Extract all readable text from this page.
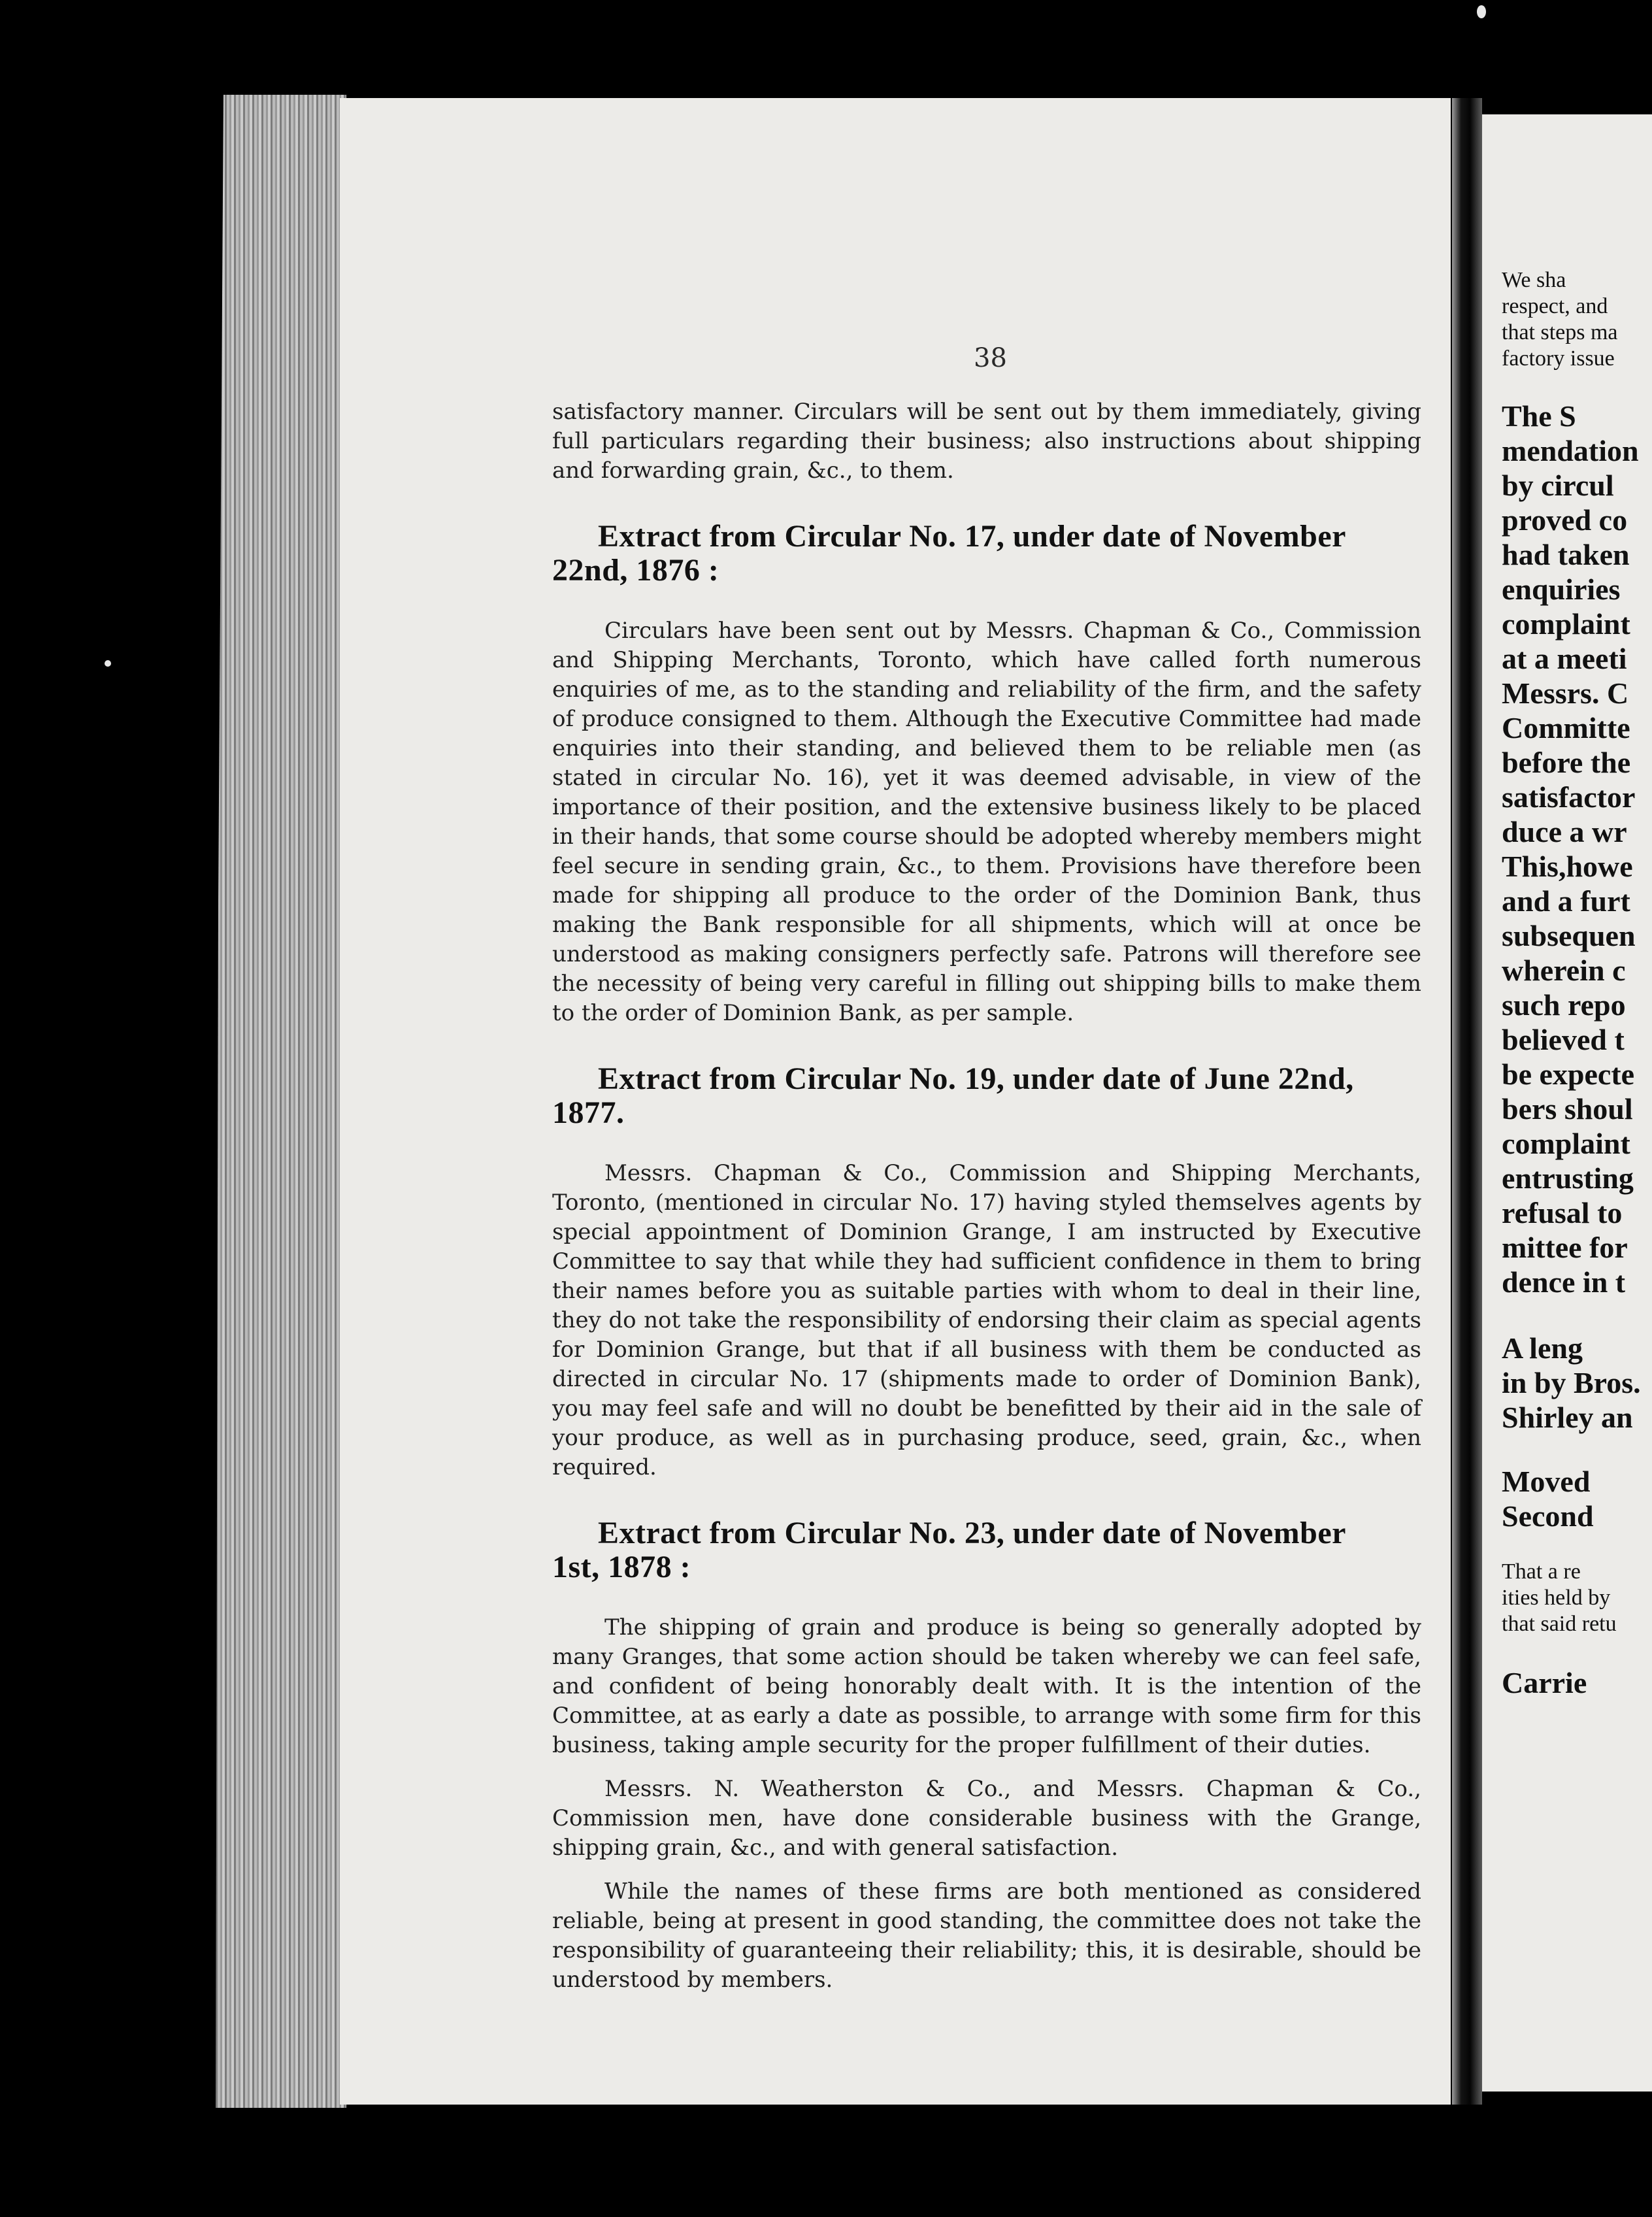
We sha
respect, and
that steps ma
factory issue
The S
mendation
by circul
proved co
had taken
enquiries
complaint
at a meeti
Messrs. C
Committe
before the
satisfactor
duce a wr
This,howe
and a furt
subsequen
wherein c
such repo
believed t
be expecte
bers shoul
complaint
entrusting
refusal to
mittee for
dence in t
A leng
in by Bros.
Shirley an
Moved
Second
That a re
ities held by
that said retu
Carrie
38

satisfactory manner. Circulars will be sent out by them immediately, giving full particulars regarding their business; also instructions about shipping and forwarding grain, &c., to them.

Extract from Circular No. 17, under date of November
22nd, 1876 :

Circulars have been sent out by Messrs. Chapman & Co., Commission and Shipping Merchants, Toronto, which have called forth numerous enquiries of me, as to the standing and reliability of the firm, and the safety of produce consigned to them. Although the Executive Committee had made enquiries into their standing, and believed them to be reliable men (as stated in circular No. 16), yet it was deemed advisable, in view of the importance of their position, and the extensive business likely to be placed in their hands, that some course should be adopted whereby members might feel secure in sending grain, &c., to them. Provisions have therefore been made for shipping all produce to the order of the Dominion Bank, thus making the Bank responsible for all shipments, which will at once be understood as making consigners perfectly safe. Patrons will therefore see the necessity of being very careful in filling out shipping bills to make them to the order of Dominion Bank, as per sample.

Extract from Circular No. 19, under date of June 22nd,
1877.

Messrs. Chapman & Co., Commission and Shipping Merchants, Toronto, (mentioned in circular No. 17) having styled themselves agents by special appointment of Dominion Grange, I am instructed by Executive Committee to say that while they had sufficient confidence in them to bring their names before you as suitable parties with whom to deal in their line, they do not take the responsibility of endorsing their claim as special agents for Dominion Grange, but that if all business with them be conducted as directed in circular No. 17 (shipments made to order of Dominion Bank), you may feel safe and will no doubt be benefitted by their aid in the sale of your produce, as well as in purchasing produce, seed, grain, &c., when required.

Extract from Circular No. 23, under date of November
1st, 1878 :

The shipping of grain and produce is being so generally adopted by many Granges, that some action should be taken whereby we can feel safe, and confident of being honorably dealt with. It is the intention of the Committee, at as early a date as possible, to arrange with some firm for this business, taking ample security for the proper fulfillment of their duties.

Messrs. N. Weatherston & Co., and Messrs. Chapman & Co., Commission men, have done considerable business with the Grange, shipping grain, &c., and with general satisfaction.

While the names of these firms are both mentioned as considered reliable, being at present in good standing, the committee does not take the responsibility of guaranteeing their reliability; this, it is desirable, should be understood by members.
